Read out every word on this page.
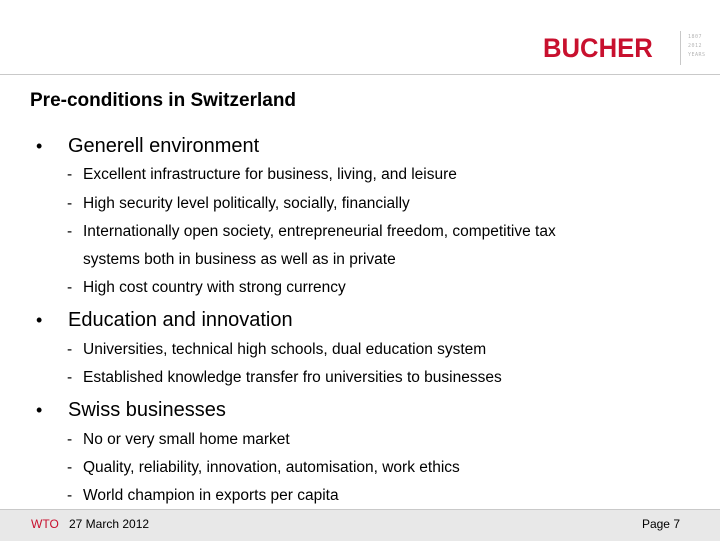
BUCHER	1807
2012
YEARS
Pre-conditions in Switzerland
• Generell environment
- Excellent infrastructure for business, living, and leisure
- High security level politically, socially, financially
- Internationally open society, entrepreneurial freedom, competitive tax
systems both in business as well as in private
- High cost country with strong currency
• Education and innovation
- Universities, technical high schools, dual education system
- Established knowledge transfer fro universities to businesses
• Swiss businesses
- No or very small home market
- Quality, reliability, innovation, automisation, work ethics
- World champion in exports per capita
WTO 27 March 2012	Page 7
